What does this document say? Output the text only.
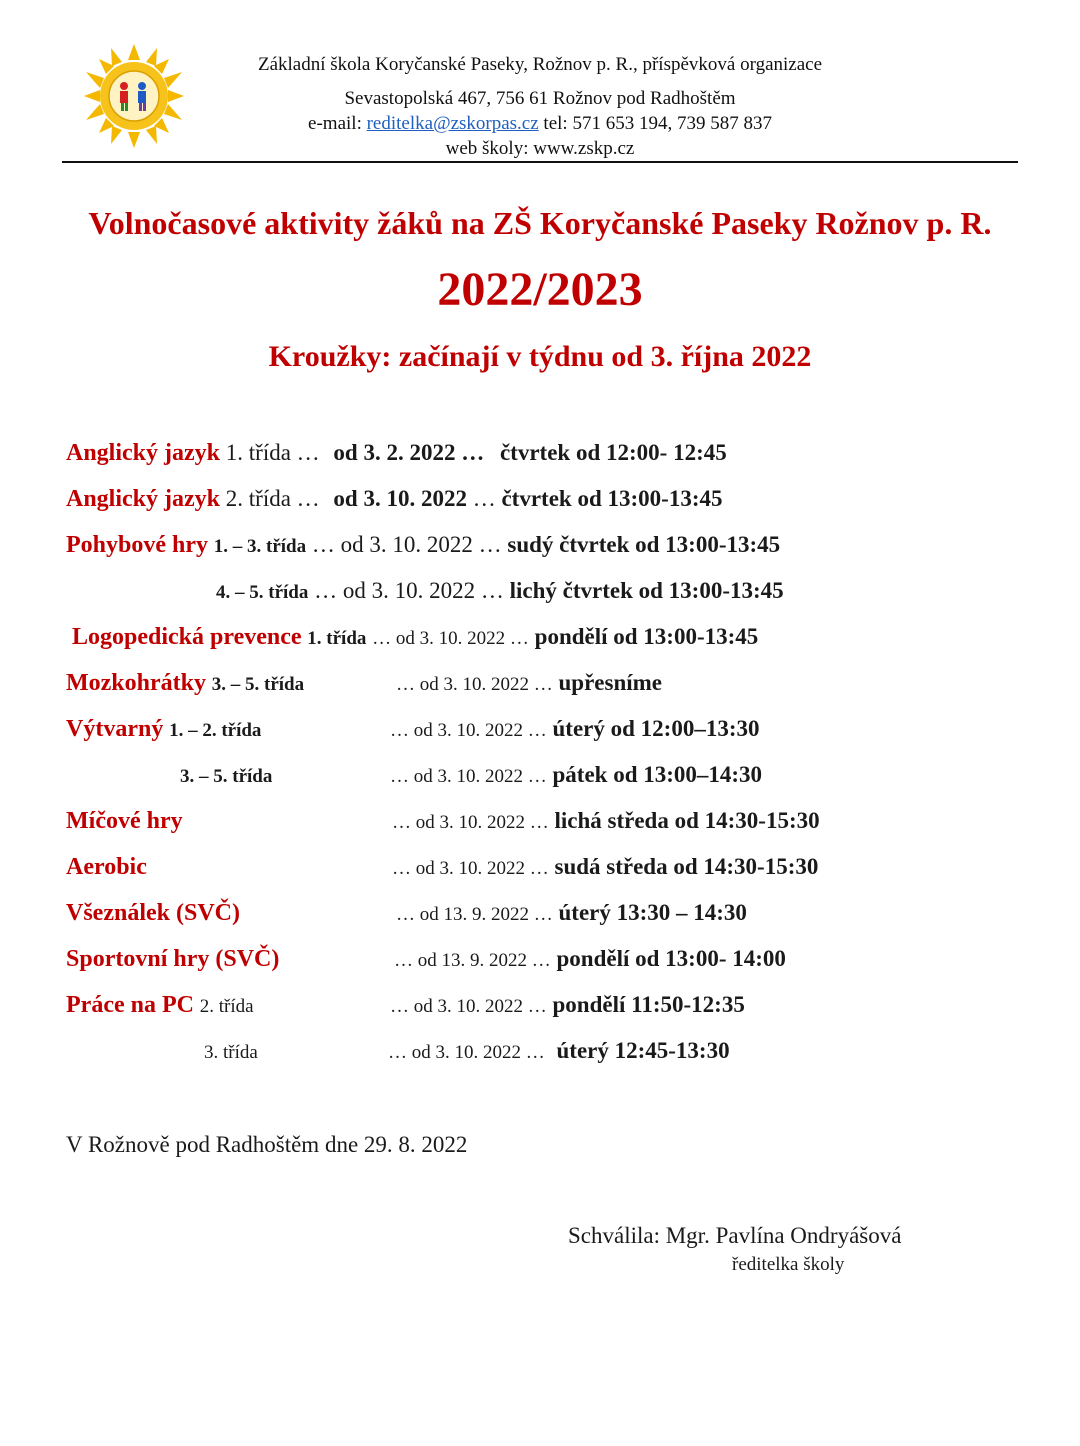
Základní škola Koryčanské Paseky, Rožnov p. R., příspěvková organizace
Sevastopolská 467, 756 61 Rožnov pod Radhoštěm
e-mail: reditelka@zskorpas.cz tel: 571 653 194, 739 587 837
web školy: www.zskp.cz
Volnočasové aktivity žáků na ZŠ Koryčanské Paseky Rožnov p. R.
2022/2023
Kroužky: začínají v týdnu od 3. října 2022
Anglický jazyk 1. třída … od 3. 2. 2022 … čtvrtek od 12:00- 12:45
Anglický jazyk 2. třída … od 3. 10. 2022 … čtvrtek od 13:00-13:45
Pohybové hry 1. – 3. třída … od 3. 10. 2022 … sudý čtvrtek od 13:00-13:45
4. – 5. třída … od 3. 10. 2022 … lichý čtvrtek od 13:00-13:45
Logopedická prevence 1. třída … od 3. 10. 2022 … pondělí od 13:00-13:45
Mozkohrátky 3. – 5. třída	… od 3. 10. 2022 … upřesníme
Výtvarný 1. – 2. třída	… od 3. 10. 2022 … úterý od 12:00–13:30
3. – 5. třída	… od 3. 10. 2022 … pátek od 13:00–14:30
Míčové hry	… od 3. 10. 2022 … lichá středa od 14:30-15:30
Aerobic	… od 3. 10. 2022 … sudá středa od 14:30-15:30
Všeználek (SVČ)	… od 13. 9. 2022 … úterý 13:30 – 14:30
Sportovní hry (SVČ)	… od 13. 9. 2022 … pondělí od 13:00- 14:00
Práce na PC 2. třída	… od 3. 10. 2022 … pondělí 11:50-12:35
3. třída	… od 3. 10. 2022 … úterý 12:45-13:30
V Rožnově pod Radhoštěm dne 29. 8. 2022
Schválila: Mgr. Pavlína Ondryášová
ředitelka školy
